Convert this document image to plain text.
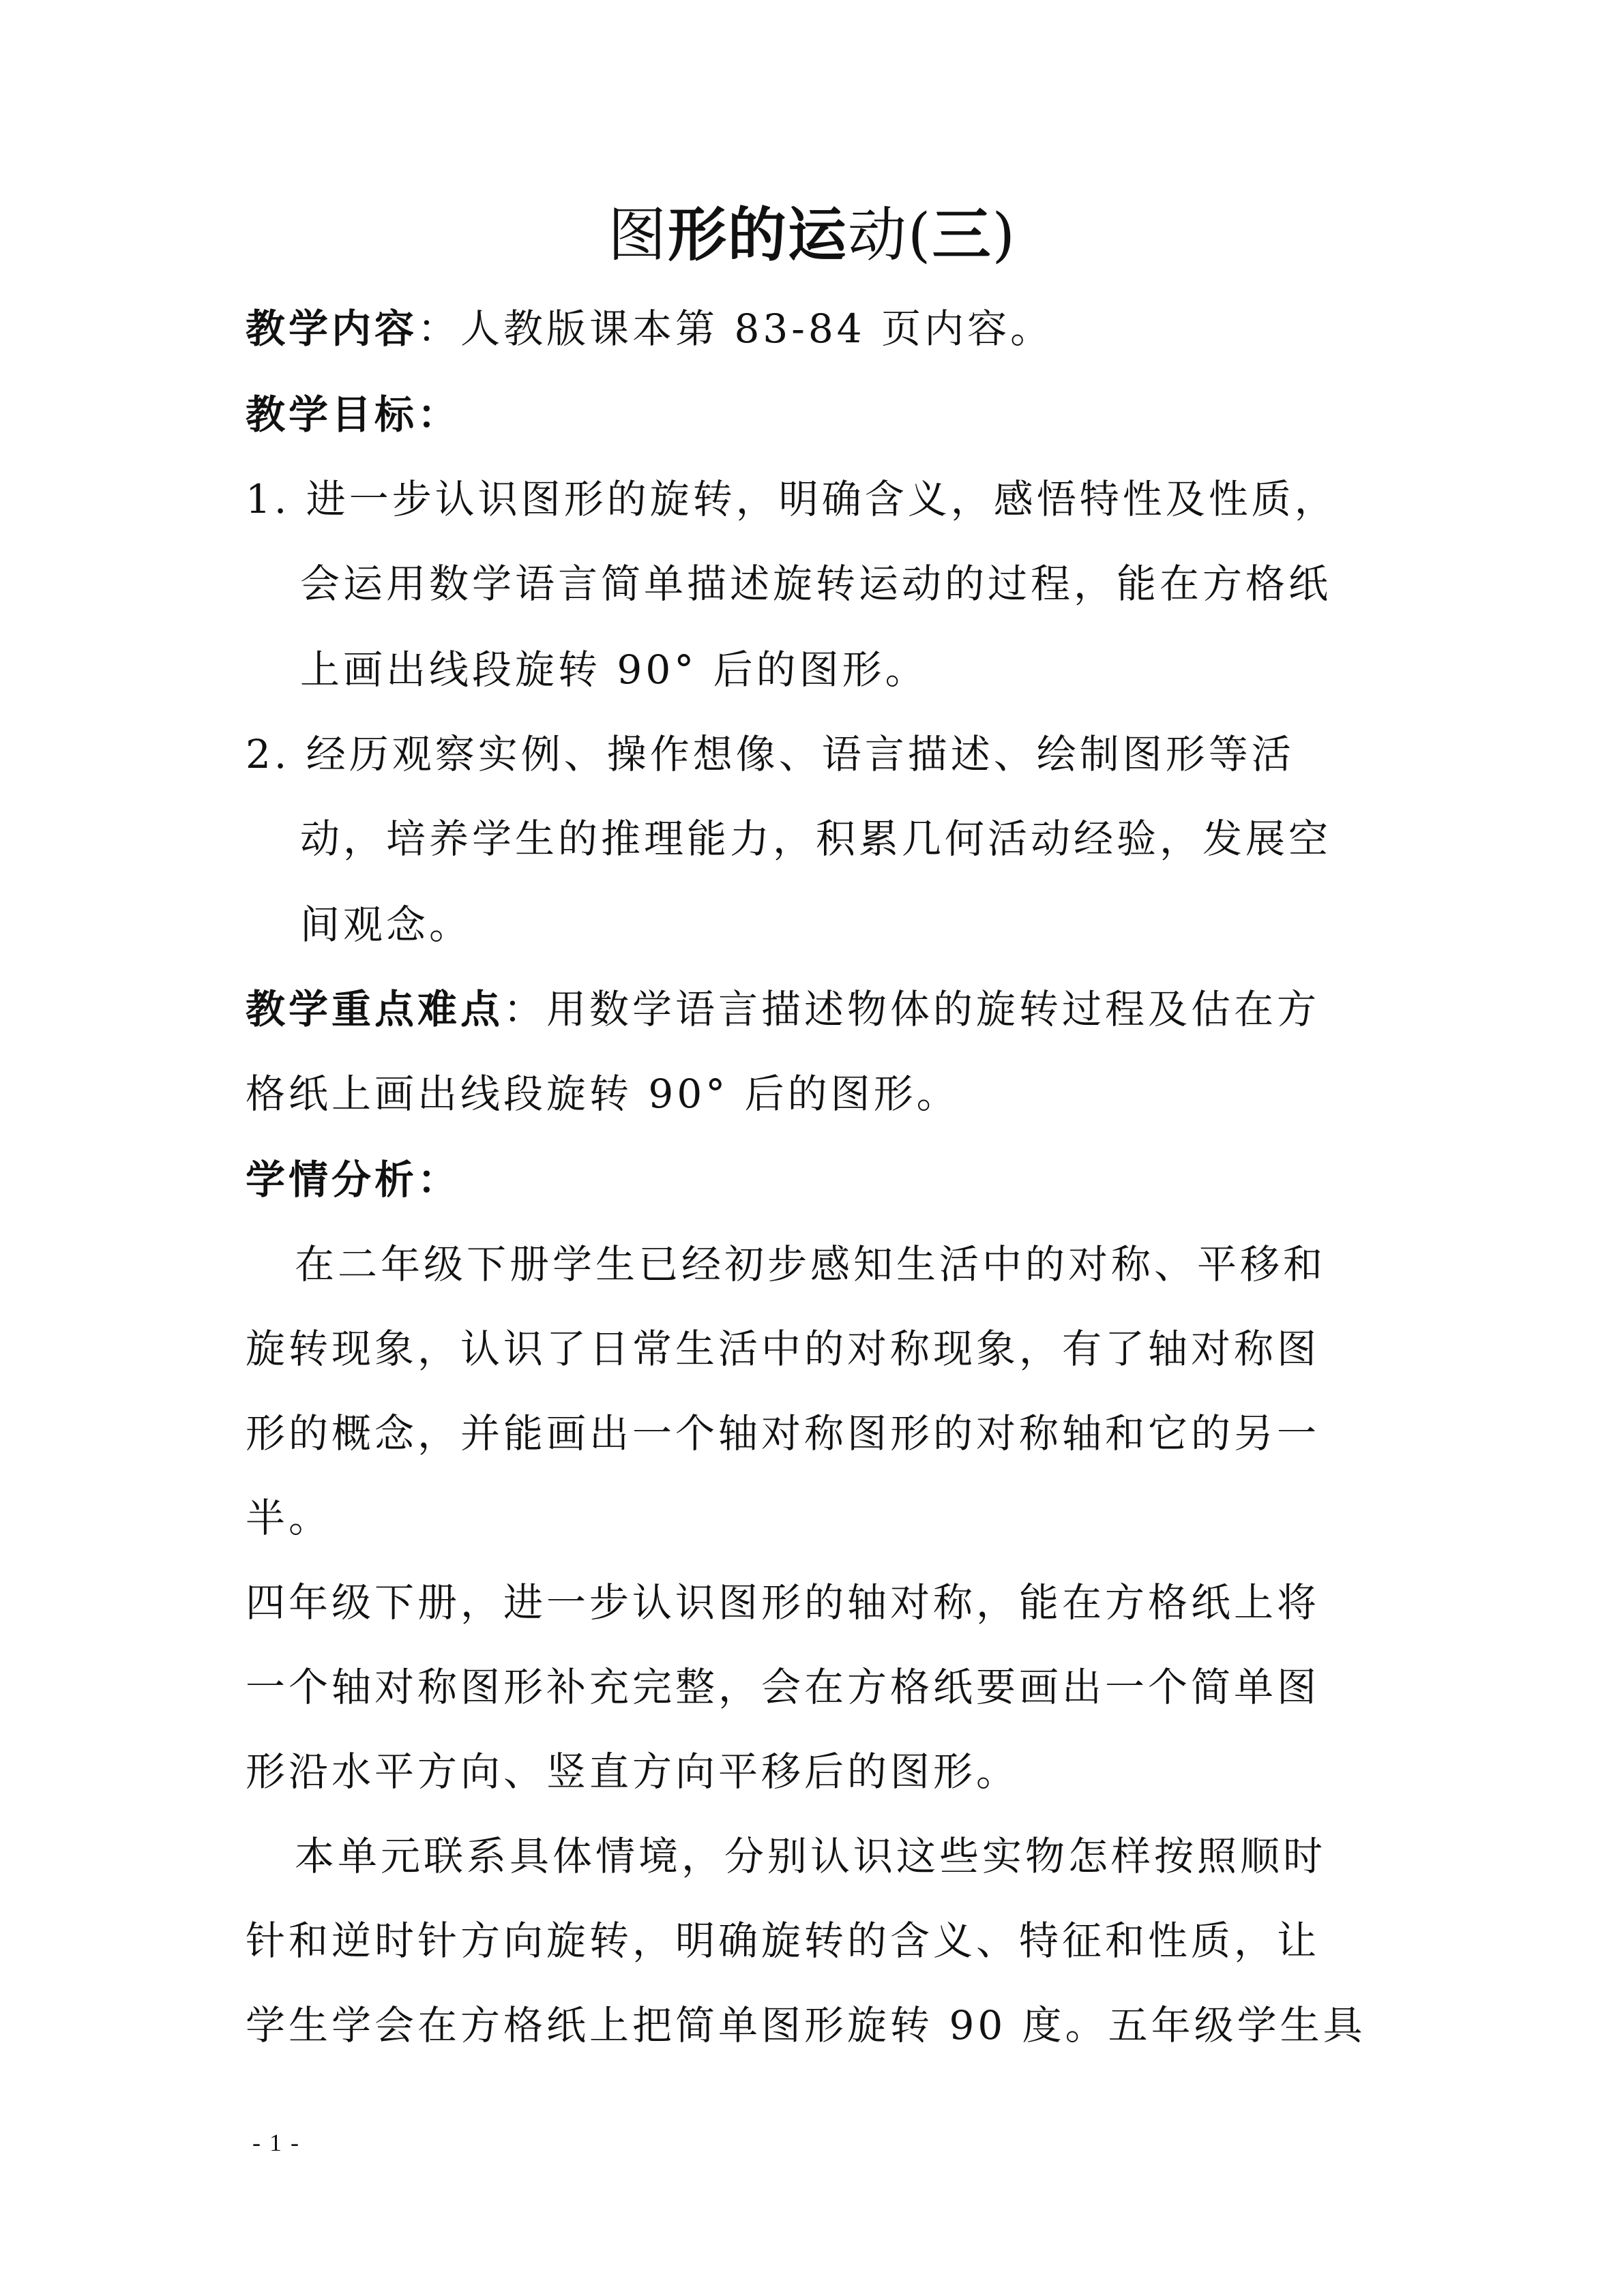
图形的运动(三)
教学内容：人教版课本第 83-84 页内容。
教学目标：
1. 进一步认识图形的旋转，明确含义，感悟特性及性质，
会运用数学语言简单描述旋转运动的过程，能在方格纸
上画出线段旋转 90° 后的图形。
2. 经历观察实例、操作想像、语言描述、绘制图形等活
动，培养学生的推理能力，积累几何活动经验，发展空
间观念。
教学重点难点：用数学语言描述物体的旋转过程及估在方
格纸上画出线段旋转 90° 后的图形。
学情分析：
在二年级下册学生已经初步感知生活中的对称、平移和
旋转现象，认识了日常生活中的对称现象，有了轴对称图
形的概念，并能画出一个轴对称图形的对称轴和它的另一
半。
四年级下册，进一步认识图形的轴对称，能在方格纸上将
一个轴对称图形补充完整，会在方格纸要画出一个简单图
形沿水平方向、竖直方向平移后的图形。
本单元联系具体情境，分别认识这些实物怎样按照顺时
针和逆时针方向旋转，明确旋转的含义、特征和性质，让
学生学会在方格纸上把简单图形旋转 90 度。五年级学生具
- 1 -
